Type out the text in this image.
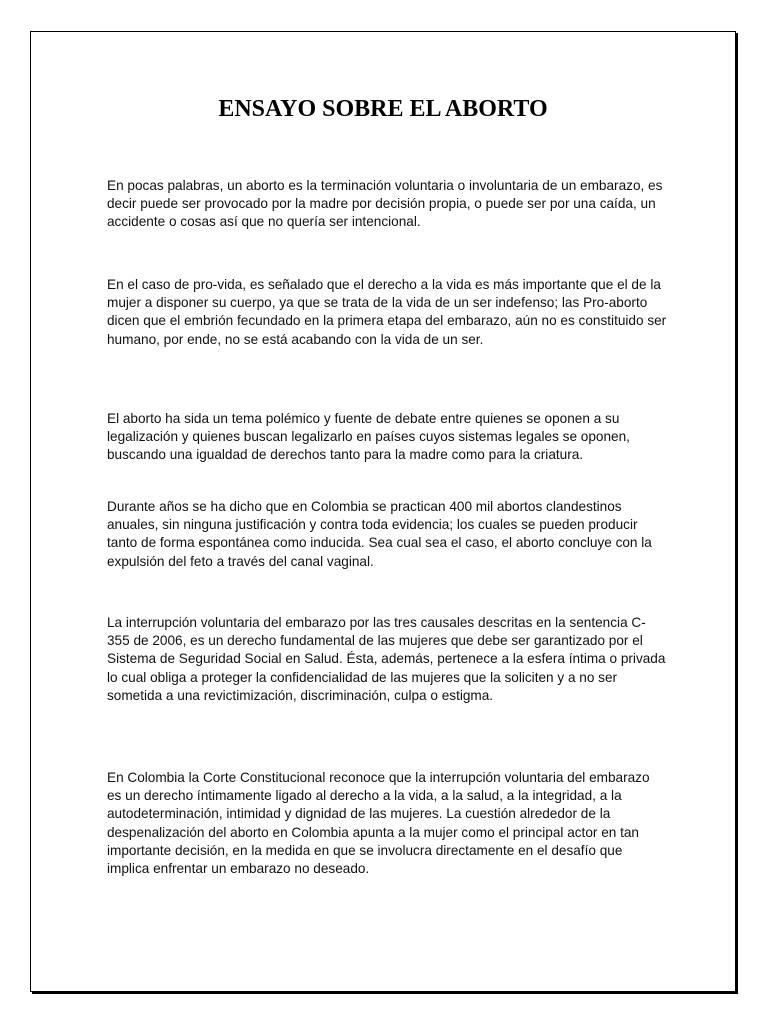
ENSAYO SOBRE EL ABORTO

En pocas palabras, un aborto es la terminación voluntaria o involuntaria de un embarazo, es decir puede ser provocado por la madre por decisión propia, o puede ser por una caída, un accidente o cosas así que no quería ser intencional.

En el caso de pro-vida, es señalado que el derecho a la vida es más importante que el de la mujer a disponer su cuerpo, ya que se trata de la vida de un ser indefenso; las Pro-aborto dicen que el embrión fecundado en la primera etapa del embarazo, aún no es constituido ser humano, por ende, no se está acabando con la vida de un ser.

El aborto ha sida un tema polémico y fuente de debate entre quienes se oponen a su legalización y quienes buscan legalizarlo en países cuyos sistemas legales se oponen, buscando una igualdad de derechos tanto para la madre como para la criatura.

Durante años se ha dicho que en Colombia se practican 400 mil abortos clandestinos anuales, sin ninguna justificación y contra toda evidencia; los cuales se pueden producir tanto de forma espontánea como inducida. Sea cual sea el caso, el aborto concluye con la expulsión del feto a través del canal vaginal.

La interrupción voluntaria del embarazo por las tres causales descritas en la sentencia C-355 de 2006, es un derecho fundamental de las mujeres que debe ser garantizado por el Sistema de Seguridad Social en Salud. Ésta, además, pertenece a la esfera íntima o privada lo cual obliga a proteger la confidencialidad de las mujeres que la soliciten y a no ser sometida a una revictimización, discriminación, culpa o estigma.

En Colombia la Corte Constitucional reconoce que la interrupción voluntaria del embarazo es un derecho íntimamente ligado al derecho a la vida, a la salud, a la integridad, a la autodeterminación, intimidad y dignidad de las mujeres. La cuestión alrededor de la despenalización del aborto en Colombia apunta a la mujer como el principal actor en tan importante decisión, en la medida en que se involucra directamente en el desafío que implica enfrentar un embarazo no deseado.
